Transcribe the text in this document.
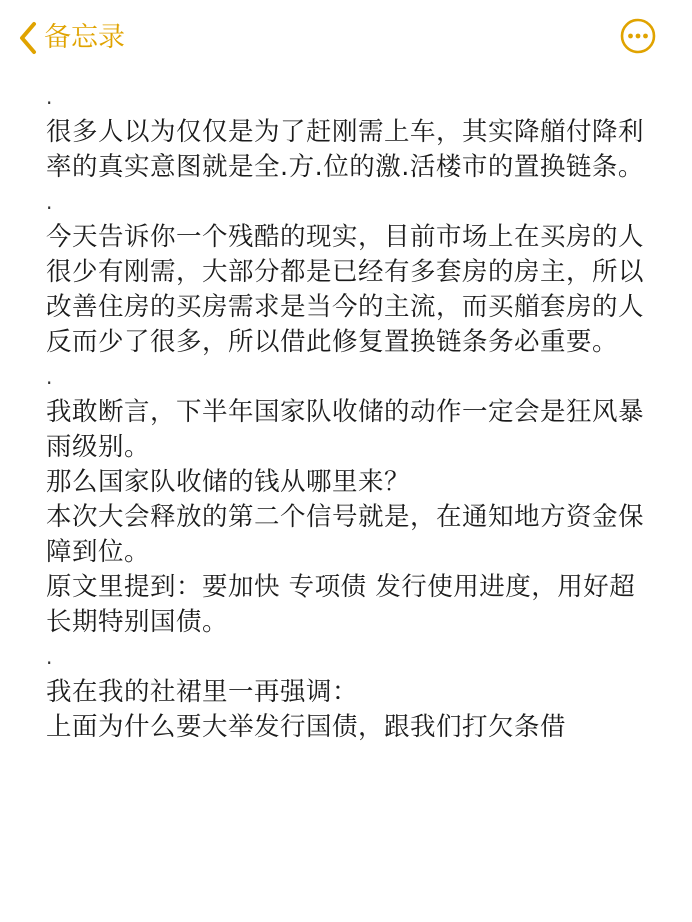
备忘录

.

很多人以为仅仅是为了赶刚需上车，其实降艏付降利率的真实意图就是全.方.位的激.活楼市的置换链条。

.

今天告诉你一个残酷的现实，目前市场上在买房的人很少有刚需，大部分都是已经有多套房的房主，所以改善住房的买房需求是当今的主流，而买艏套房的人反而少了很多，所以借此修复置换链条务必重要。

.

我敢断言，下半年国家队收储的动作一定会是狂风暴雨级别。

那么国家队收储的钱从哪里来？

本次大会释放的第二个信号就是，在通知地方资金保障到位。

原文里提到：要加快 专项债 发行使用进度，用好超长期特别国债。

.

我在我的社裙里一再强调：

上面为什么要大举发行国债，跟我们打欠条借
